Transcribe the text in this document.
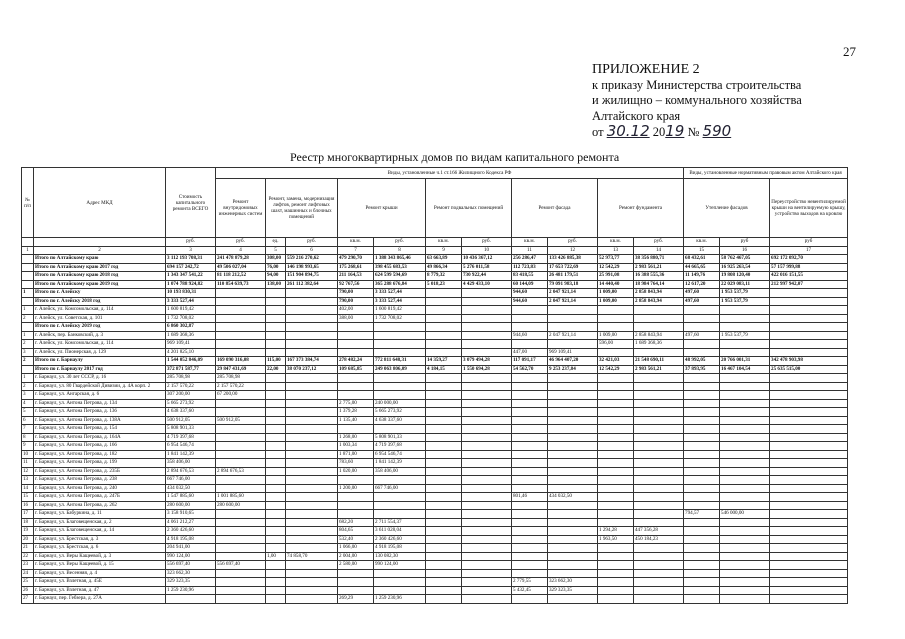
27
ПРИЛОЖЕНИЕ 2
к приказу Министерства строительства
и жилищно – коммунального хозяйства
Алтайского края
от 30.12 2019 № 590
Реестр многоквартирных домов по видам капитального ремонта
№ п/п	Адрес МКД	Стоимость капитального ремонта ВСЕГО	Виды, установленные ч.1 ст.166 Жилищного Кодекса РФ											Виды, установленные нормативным правовым актом Алтайского края		
			Ремонт внутридомовых инженерных систем	Ремонт, замена, модернизация лифтов, ремонт лифтовых шахт, машинных и блочных помещений		Ремонт крыши		Ремонт подвальных помещений		Ремонт фасада		Ремонт фундамента		Утепление фасадов		Переустройство невентилируемой крыши на вентилируемую крышу, устройство выходов на кровлю
		руб.	руб.	ед.	руб.	кв.м.	руб.	кв.м.	руб.	кв.м.	руб.	кв.м.	руб.	кв.м.	руб	руб
1	2	3	4	5	6	7	8	9	10	11	12	13	14	15	16	17
	Итого по Алтайскому краю	3 112 193 708,31	241 478 879,28	308,00	559 216 270,62	479 290,70	1 388 343 865,46	63 663,89	10 436 367,12	256 286,47	133 426 885,38	52 973,77	38 356 880,71	68 432,61	58 762 467,05	692 172 092,70
	Итого по Алтайскому краю 2017 год	694 157 242,72	49 506 027,04	76,00	146 198 993,65	175 268,61	398 455 683,53	49 866,34	5 276 011,58	112 723,83	17 653 722,69	12 542,29	2 983 561,21	44 665,65	16 925 263,54	57 157 999,88
	Итого по Алтайскому краю 2018 год	1 343 347 541,22	81 118 212,52	94,00	151 904 894,75	211 164,53	624 599 594,69	8 779,32	730 922,44	83 418,55	26 481 179,51	25 991,08	16 388 555,36	11 149,76	19 808 120,40	422 016 151,55
	Итого по Алтайскому краю 2019 год	1 074 788 924,82	110 854 639,73	138,00	261 112 382,64	92 767,56	365 288 676,84	5 018,23	4 429 433,10	60 144,09	79 091 983,18	14 440,40	18 984 764,14	12 617,20	22 029 083,11	212 997 942,07
1	Итого по г. Алейску	10 193 830,31				790,00	3 333 527,44			944,60	2 047 921,14	1 009,00	2 858 843,94	497,60	1 953 537,79	
	Итого по г. Алейску 2018 год	3 333 527,44				790,00	3 333 527,44			944,60	2 047 921,14	1 009,00	2 858 843,94	497,60	1 953 537,79	
1	г. Алейск, ул. Комсомольская, д. 114	1 600 819,42				402,00	1 600 819,42									
2	г. Алейск, ул. Советская, д. 101	1 732 708,02				388,00	1 732 708,02									
	Итого по г. Алейску 2019 год	6 860 302,87														
1	г. Алейск, пер. Банковский, д. 3	1 689 368,36								944,60	2 047 921,14	1 009,00	2 858 843,94	497,60	1 953 537,79	
2	г. Алейск, ул. Комсомольская, д. 114	969 109,41										596,00	1 689 368,36			
3	г. Алейск, ул. Пионерская, д. 129	4 201 825,10								447,00	969 109,41					
2	Итого по г. Барнаулу	1 544 052 846,09	169 090 316,08	115,00	167 373 384,74	278 482,24	772 811 648,31	14 359,27	3 079 494,28	117 091,17	46 964 407,20	32 421,03	21 548 690,11	48 992,05	20 766 001,31	342 478 903,98
	Итого по г. Барнаулу 2017 год	372 871 587,77	29 847 431,69	22,00	38 070 237,12	109 685,85	249 063 806,09	4 184,15	1 550 694,28	54 562,70	9 253 237,84	12 542,29	2 983 561,21	37 893,95	16 467 104,54	25 635 515,00
1	г. Барнаул, ул. 30 лет СССР, д. 16	285 708,98	285 708,98													
2	г. Барнаул, ул. 80 Гвардейской Дивизии, д. 4А корп. 2	2 157 570,22	2 157 570,22													
3	г. Барнаул, ул. Ангарская, д. 6	307 200,00	67 200,00													
4	г. Барнаул, ул. Антона Петрова, д. 134	5 665 273,92				2 775,00	240 000,00									
5	г. Барнаул, ул. Антона Петрова, д. 136	4 638 337,60				1 379,28	5 665 273,92									
6	г. Барнаул, ул. Антона Петрова, д. 138А	500 912,05	500 912,05			1 135,40	4 638 337,60									
7	г. Барнаул, ул. Антона Петрова, д. 154	5 808 901,33														
8	г. Барнаул, ул. Антона Петрова, д. 164А	4 719 397,68				1 268,00	5 808 901,33									
9	г. Барнаул, ул. Антона Петрова, д. 166	6 954 546,74				1 003,34	4 719 397,68									
10	г. Барнаул, ул. Антона Петрова, д. 182	1 841 142,39				1 871,00	6 954 546,74									
11	г. Барнаул, ул. Антона Петрова, д. 199	358 406,00				783,60	1 841 142,39									
12	г. Барнаул, ул. Антона Петрова, д. 235Б	2 894 676,53	2 894 676,53			1 020,00	358 406,00									
13	г. Барнаул, ул. Антона Петрова, д. 238	667 746,00														
14	г. Барнаул, ул. Антона Петрова, д. 240	434 032,50				1 200,00	667 746,00									
15	г. Барнаул, ул. Антона Петрова, д. 247Б	1 547 885,60	1 001 885,60							801,46	434 032,50					
16	г. Барнаул, ул. Антона Петрова, д. 262	280 600,00	280 600,00													
17	г. Барнаул, ул. Бабуркина, д. 11	3 158 910,65												794,57	546 000,00	
18	г. Барнаул, ул. Благовещенская, д. 2	4 061 212,27				682,20	2 711 554,37									
19	г. Барнаул, ул. Благовещенская, д. 14	2 360 426,60				804,65	3 611 028,04					1 294,28	447 356,28			
20	г. Барнаул, ул. Брестская, д. 3	4 918 195,08				532,40	2 360 426,60					1 963,50	450 184,23			
21	г. Барнаул, ул. Брестская, д. 6	204 941,00				1 066,00	4 918 195,08									
22	г. Барнаул, ул. Веры Кащеевой, д. 3	990 124,00		1,00	74 858,70	2 004,00	130 082,30									
23	г. Барнаул, ул. Веры Кащеевой, д. 15	556 697,40	556 697,40			2 580,00	990 124,00									
24	г. Барнаул, ул. Весенняя, д. 4	323 662,30														
25	г. Барнаул, ул. Взлетная, д. 45Е	329 323,35								2 779,55	323 662,30					
26	г. Барнаул, ул. Взлетная, д. 47	1 259 230,96								5 432,45	329 323,35					
27	г. Барнаул, пер. Гебзера, д. 27А					269,29	1 259 230,96									
